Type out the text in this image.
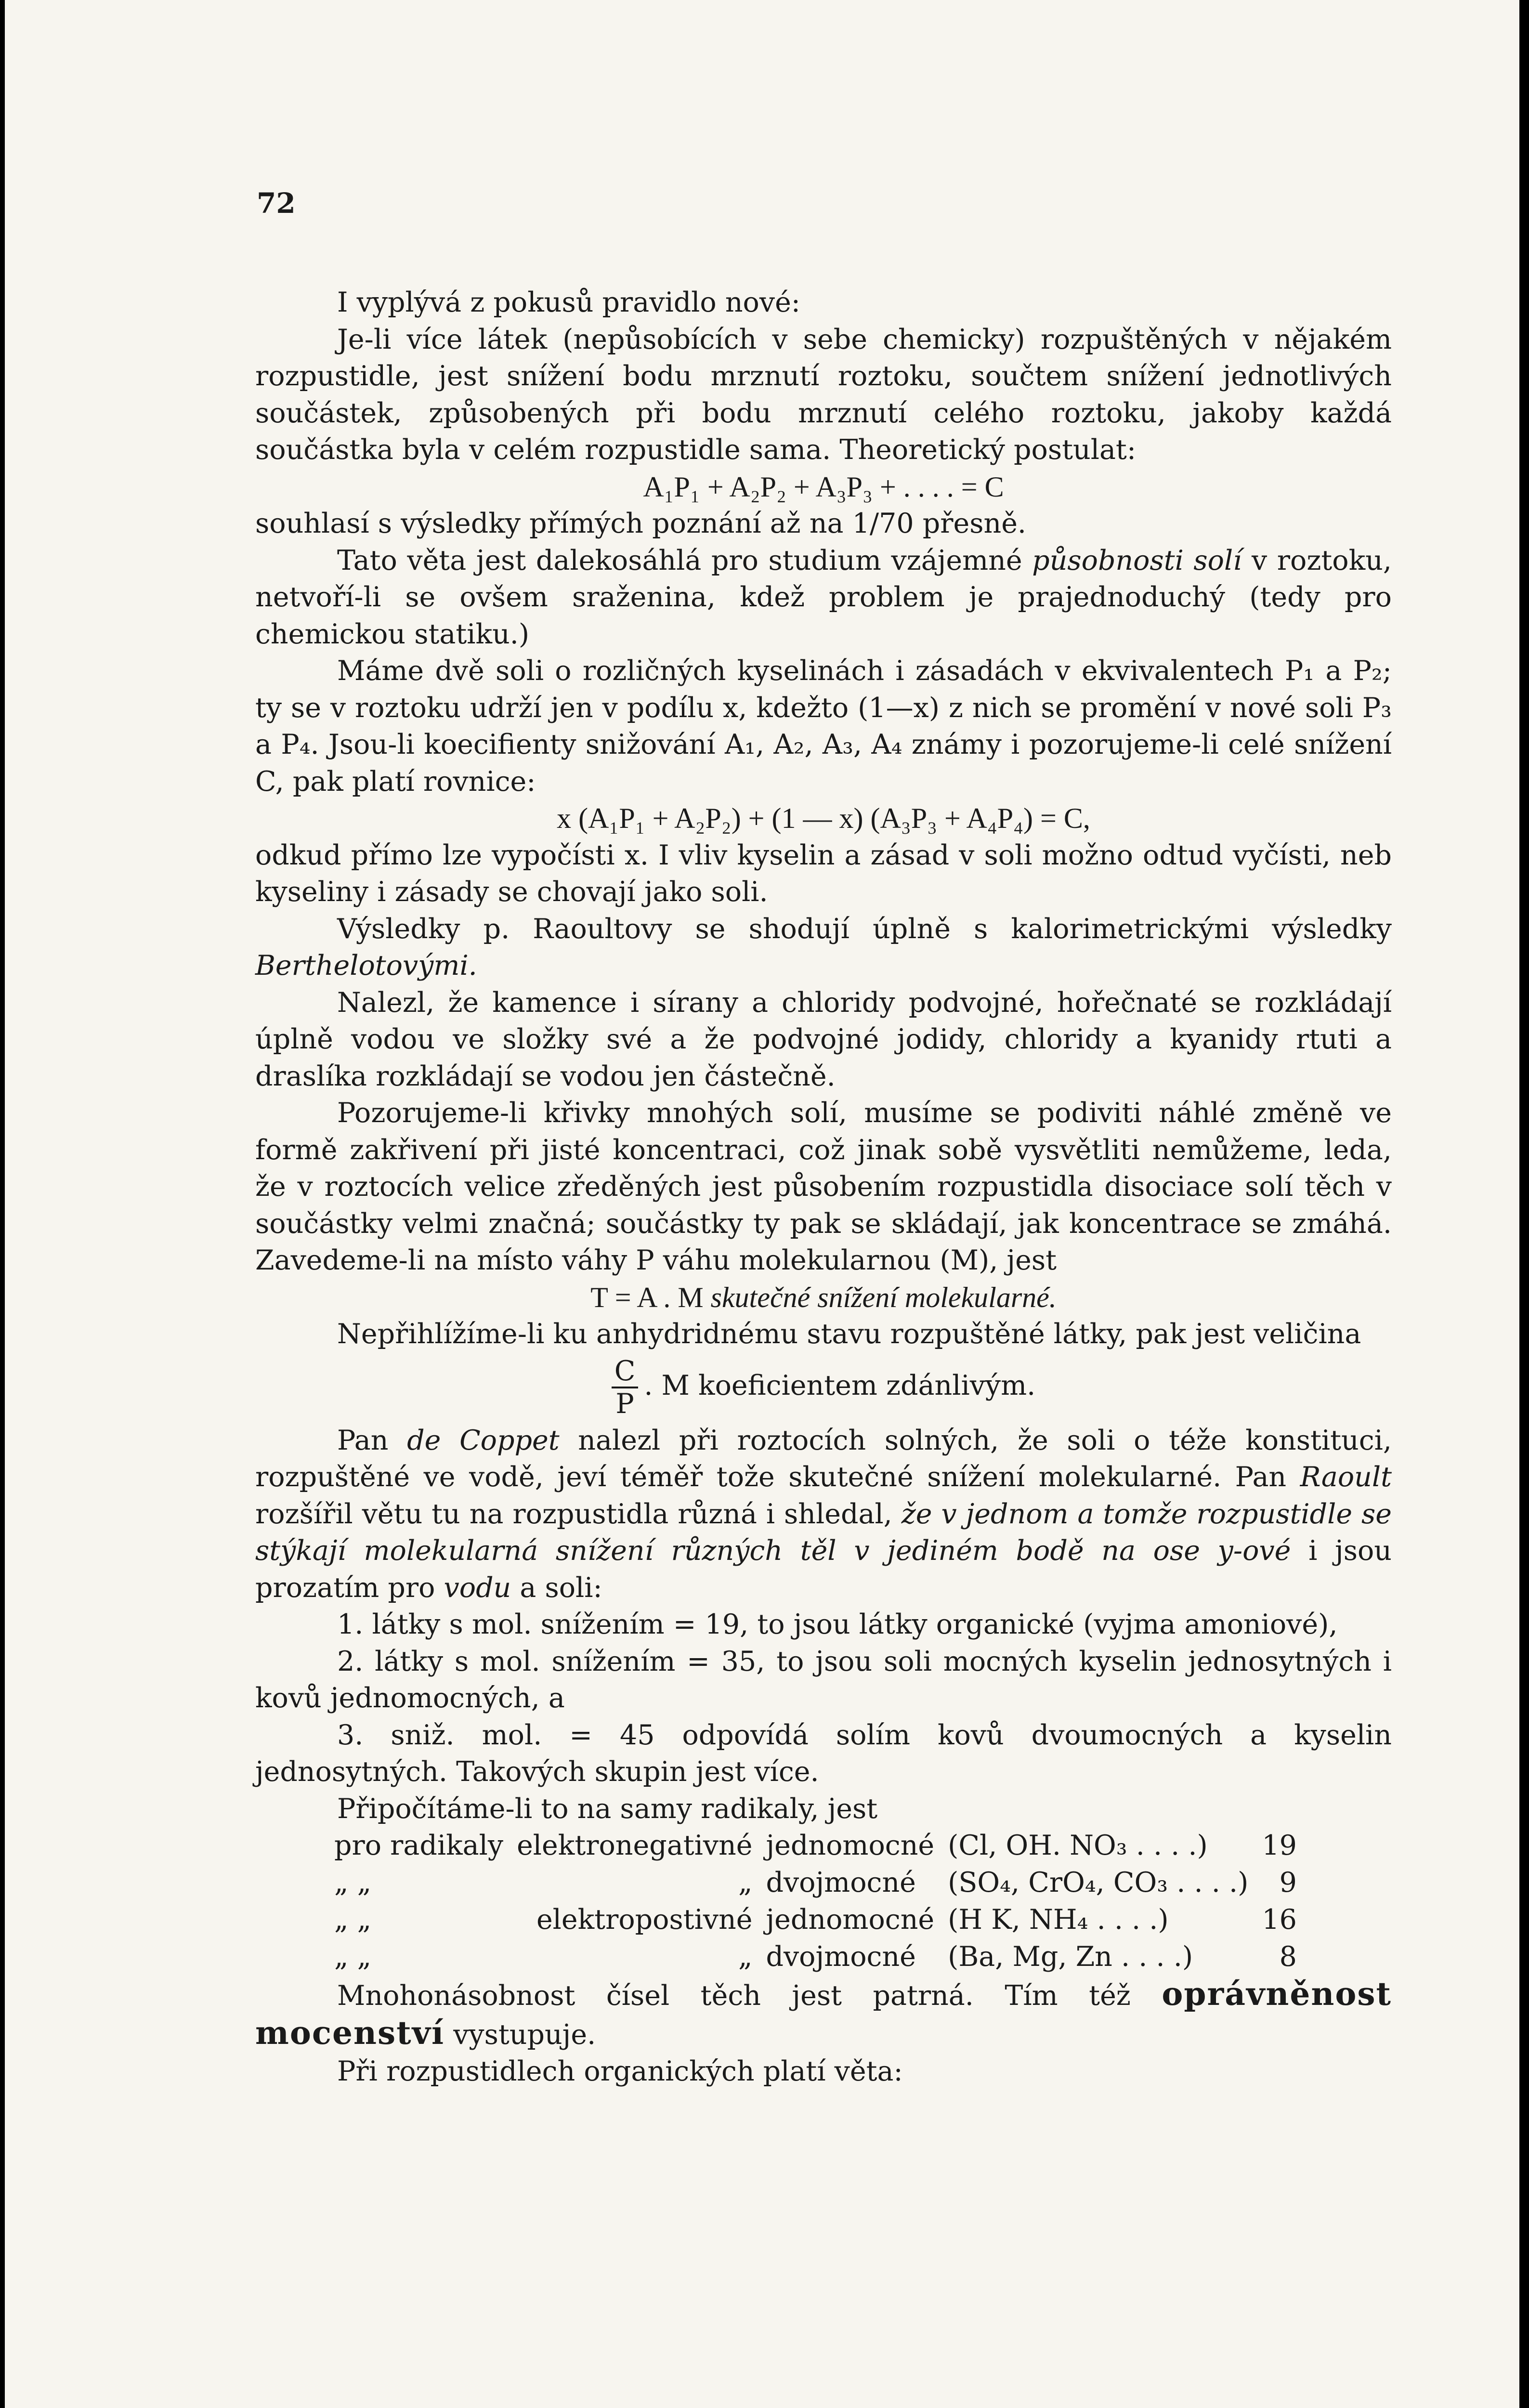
72

I vyplývá z pokusů pravidlo nové:

Je-li více látek (nepůsobících v sebe chemicky) rozpuštěných v nějakém rozpustidle, jest snížení bodu mrznutí roztoku, součtem snížení jednotlivých součástek, způsobených při bodu mrznutí celého roztoku, jakoby každá součástka byla v celém rozpustidle sama. Theoretický postulat:

A₁P₁ + A₂P₂ + A₃P₃ + . . . . = C

souhlasí s výsledky přímých poznání až na 1/70 přesně.

Tato věta jest dalekosáhlá pro studium vzájemné působnosti solí v roztoku, netvoří-li se ovšem sraženina, kdež problem je prajednoduchý (tedy pro chemickou statiku.)

Máme dvě soli o rozličných kyselinách i zásadách v ekvivalentech P₁ a P₂; ty se v roztoku udrží jen v podílu x, kdežto (1—x) z nich se promění v nové soli P₃ a P₄. Jsou-li koecifienty snižování A₁, A₂, A₃, A₄ známy i pozorujeme-li celé snížení C, pak platí rovnice:

x (A₁P₁ + A₂P₂) + (1 — x) (A₃P₃ + A₄P₄) = C,

odkud přímo lze vypočísti x. I vliv kyselin a zásad v soli možno odtud vyčísti, neb kyseliny i zásady se chovají jako soli.

Výsledky p. Raoultovy se shodují úplně s kalorimetrickými výsledky Berthelotovými.

Nalezl, že kamence i sírany a chloridy podvojné, hořečnaté se rozkládají úplně vodou ve složky své a že podvojné jodidy, chloridy a kyanidy rtuti a draslíka rozkládají se vodou jen částečně.

Pozorujeme-li křivky mnohých solí, musíme se podiviti náhlé změně ve formě zakřivení při jisté koncentraci, což jinak sobě vysvětliti nemůžeme, leda, že v roztocích velice zředěných jest působením rozpustidla disociace solí těch v součástky velmi značná; součástky ty pak se skládají, jak koncentrace se zmáhá. Zavedeme-li na místo váhy P váhu molekularnou (M), jest

T = A . M skutečné snížení molekularné.

Nepřihlížíme-li ku anhydridnému stavu rozpuštěné látky, pak jest veličina

$\frac{C}{P}$ . M koeficientem zdánlivým.

Pan de Coppet nalezl při roztocích solných, že soli o téže konstituci, rozpuštěné ve vodě, jeví téměř tože skutečné snížení molekularné. Pan Raoult rozšířil větu tu na rozpustidla různá i shledal, že v jednom a tomže rozpustidle se stýkají molekularná snížení různých těl v jediném bodě na ose y-ové i jsou prozatím pro vodu a soli:

1. látky s mol. snížením = 19, to jsou látky organické (vyjma amoniové),

2. látky s mol. snížením = 35, to jsou soli mocných kyselin jednosytných i kovů jednomocných, a

3. sniž. mol. = 45 odpovídá solím kovů dvoumocných a kyselin jednosytných. Takových skupin jest více.

Připočítáme-li to na samy radikaly, jest

pro radikaly	elektronegativné	jednomocné	(Cl, OH. NO₃ . . . .)	19
„ „	„	dvojmocné	(SO₄, CrO₄, CO₃ . . . .)	9
„ „	elektropostivné	jednomocné	(H K, NH₄ . . . .)	16
„ „	„	dvojmocné	(Ba, Mg, Zn . . . .)	8

Mnohonásobnost čísel těch jest patrná. Tím též oprávněnost mocenství vystupuje.

Při rozpustidlech organických platí věta:
